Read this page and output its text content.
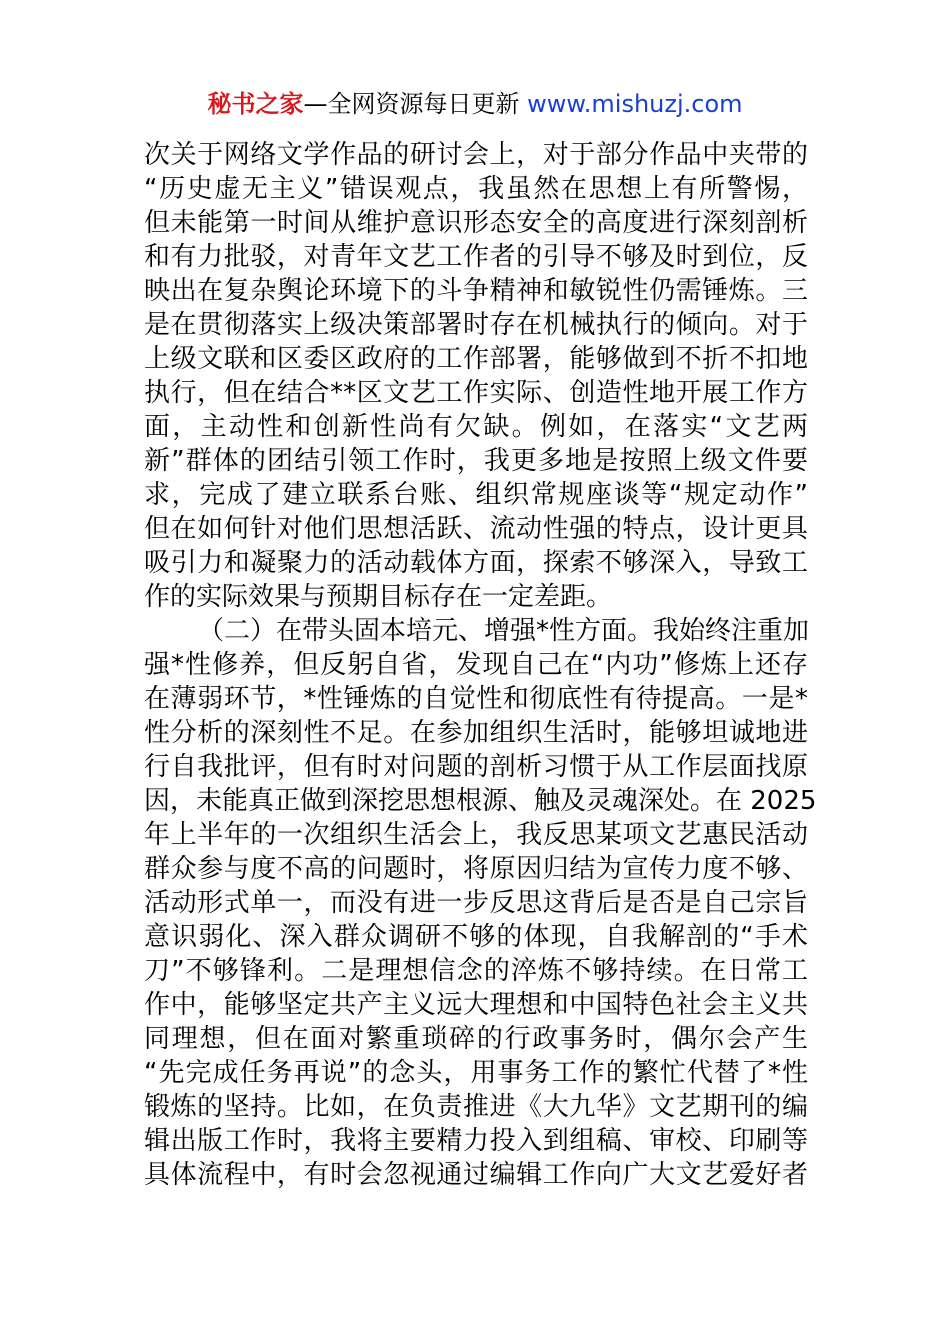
秘书之家—全网资源每日更新 www.mishuzj.com
次关于网络文学作品的研讨会上，对于部分作品中夹带的
“历史虚无主义”错误观点，我虽然在思想上有所警惕，
但未能第一时间从维护意识形态安全的高度进行深刻剖析
和有力批驳，对青年文艺工作者的引导不够及时到位，反
映出在复杂舆论环境下的斗争精神和敏锐性仍需锤炼。三
是在贯彻落实上级决策部署时存在机械执行的倾向。对于
上级文联和区委区政府的工作部署，能够做到不折不扣地
执行，但在结合**区文艺工作实际、创造性地开展工作方
面，主动性和创新性尚有欠缺。例如，在落实“文艺两
新”群体的团结引领工作时，我更多地是按照上级文件要
求，完成了建立联系台账、组织常规座谈等“规定动作”
但在如何针对他们思想活跃、流动性强的特点，设计更具
吸引力和凝聚力的活动载体方面，探索不够深入，导致工
作的实际效果与预期目标存在一定差距。
（二）在带头固本培元、增强*性方面。我始终注重加
强*性修养，但反躬自省，发现自己在“内功”修炼上还存
在薄弱环节，*性锤炼的自觉性和彻底性有待提高。一是*
性分析的深刻性不足。在参加组织生活时，能够坦诚地进
行自我批评，但有时对问题的剖析习惯于从工作层面找原
因，未能真正做到深挖思想根源、触及灵魂深处。在 2025
年上半年的一次组织生活会上，我反思某项文艺惠民活动
群众参与度不高的问题时，将原因归结为宣传力度不够、
活动形式单一，而没有进一步反思这背后是否是自己宗旨
意识弱化、深入群众调研不够的体现，自我解剖的“手术
刀”不够锋利。二是理想信念的淬炼不够持续。在日常工
作中，能够坚定共产主义远大理想和中国特色社会主义共
同理想，但在面对繁重琐碎的行政事务时，偶尔会产生
“先完成任务再说”的念头，用事务工作的繁忙代替了*性
锻炼的坚持。比如，在负责推进《大九华》文艺期刊的编
辑出版工作时，我将主要精力投入到组稿、审校、印刷等
具体流程中，有时会忽视通过编辑工作向广大文艺爱好者
